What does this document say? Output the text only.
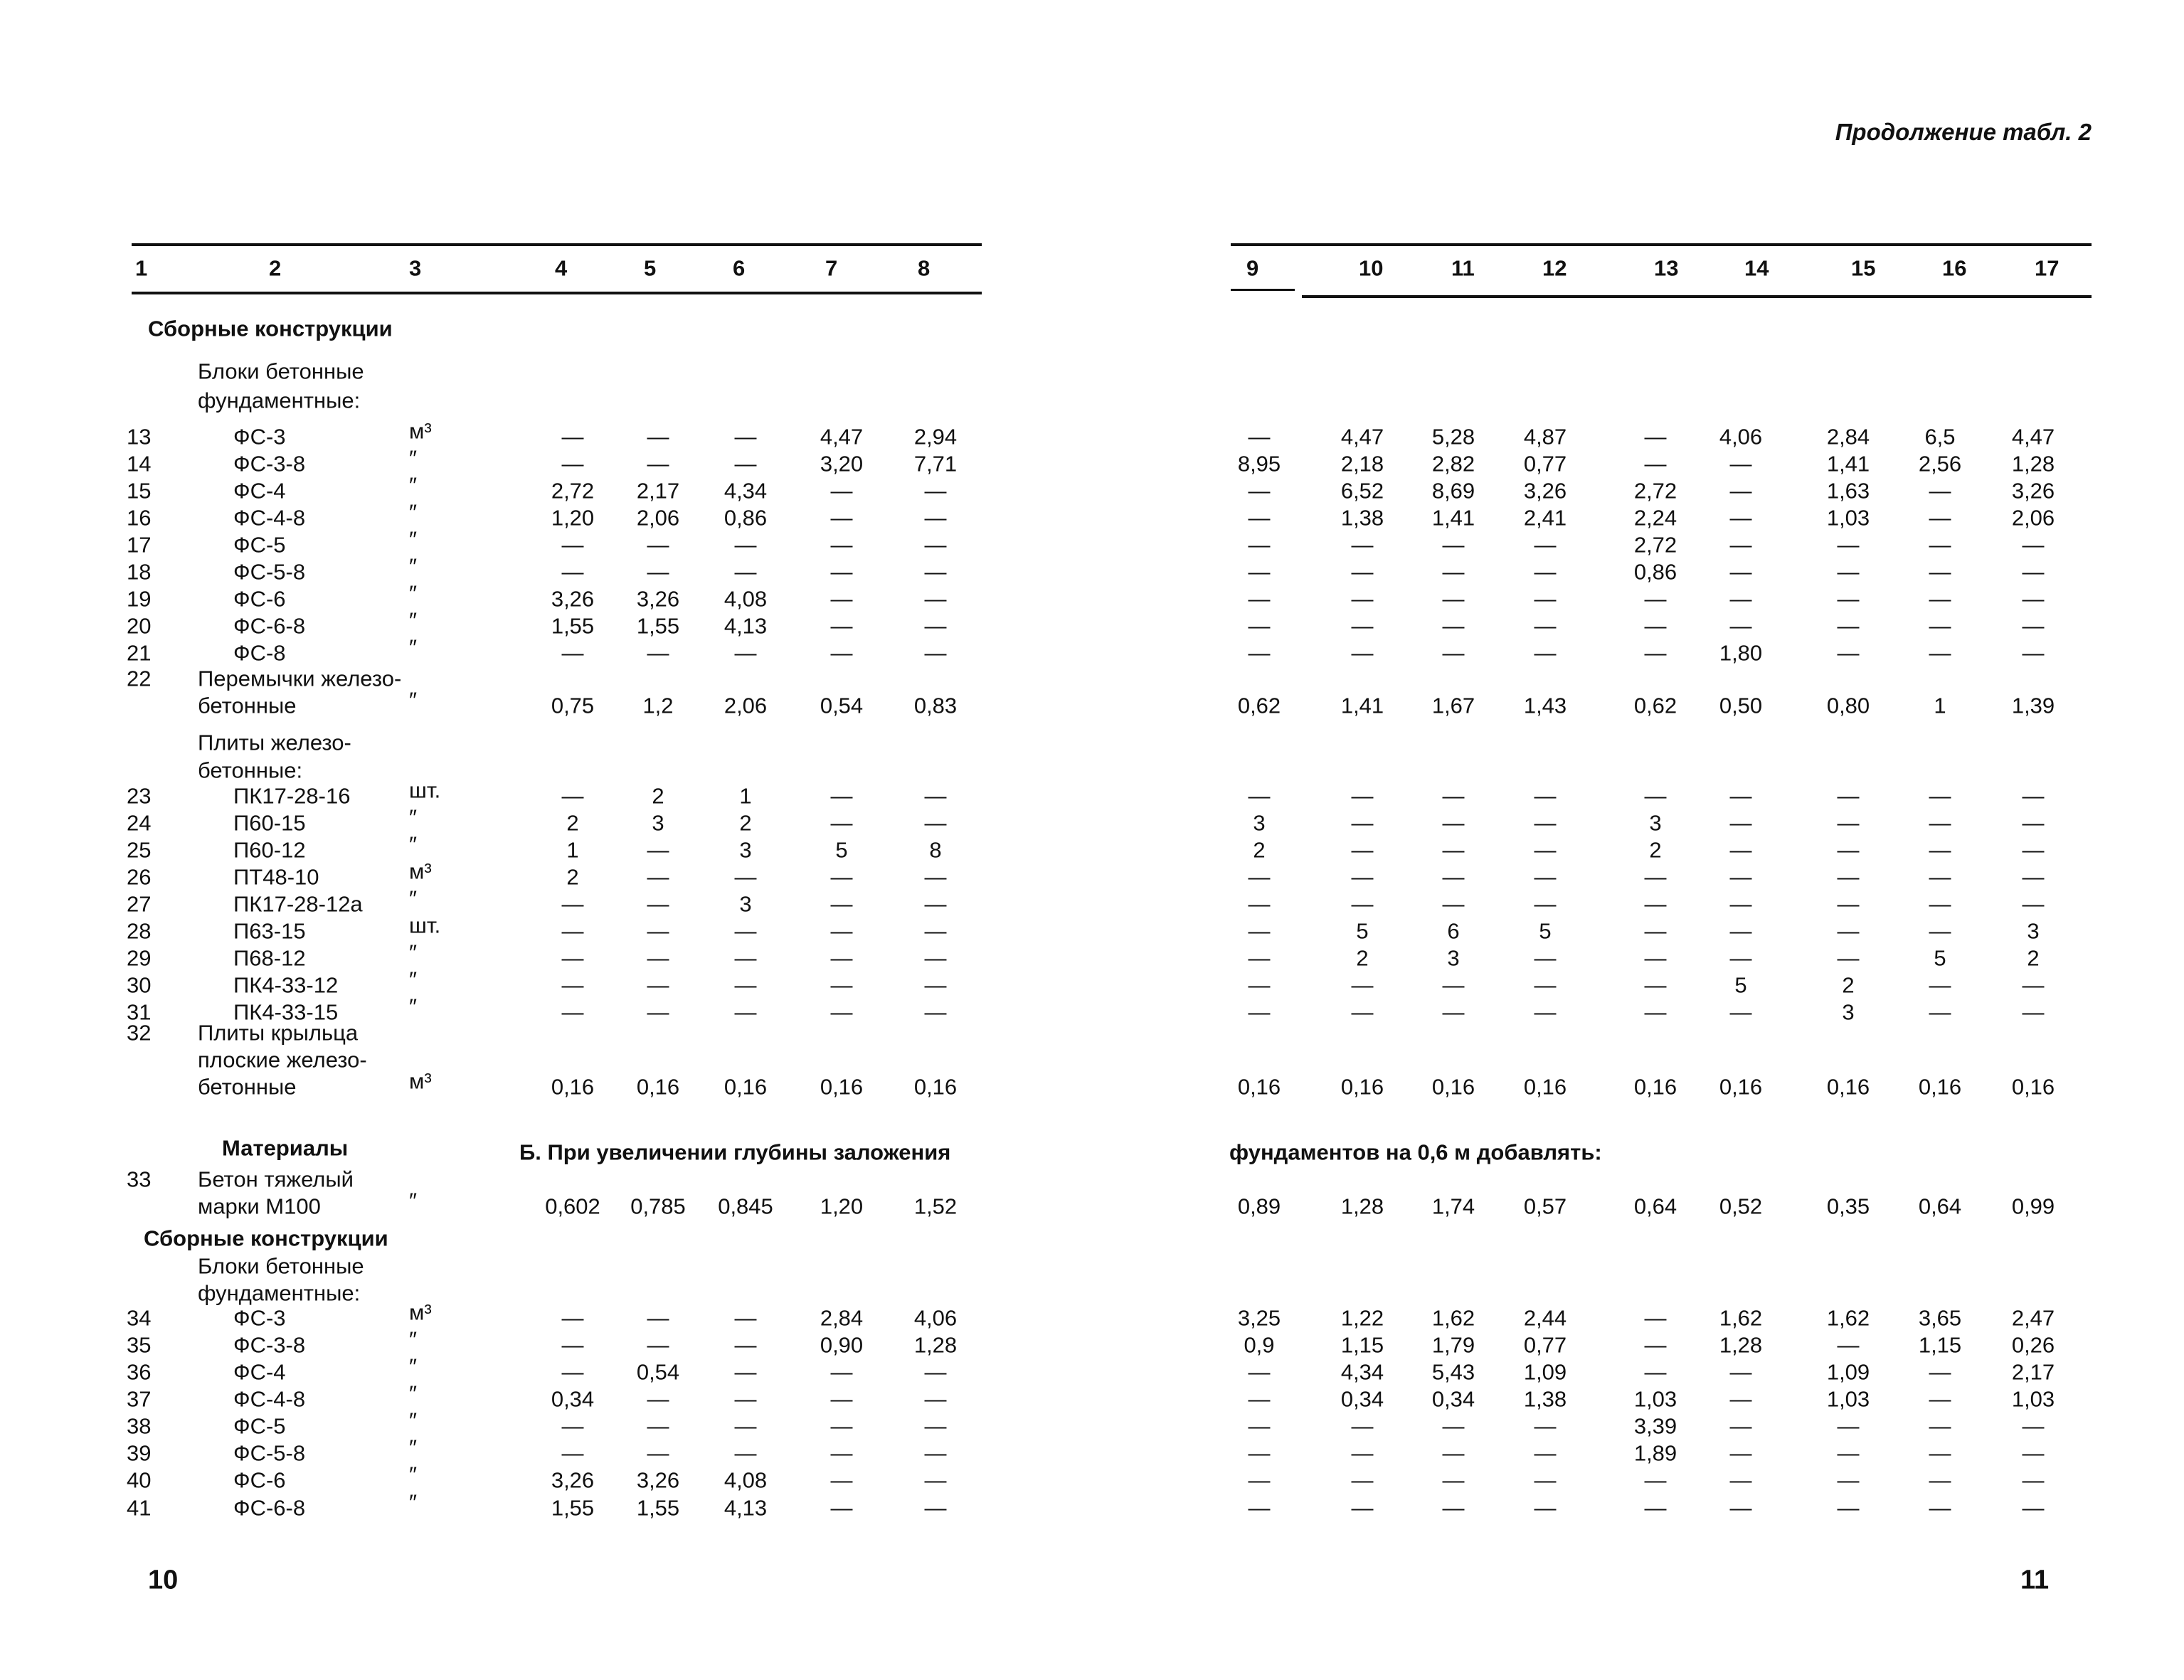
Продолжение табл. 2
1	2	3	4	5	6	7	8	9	10	11	12	13	14	15	16	17
Сборные конструкции
Блоки бетонные
фундаментные:
Плиты железо-
бетонные:
Материалы	Б. При увеличении глубины заложения	фундаментов на 0,6 м добавлять:
Сборные конструкции
Блоки бетонные
фундаментные:
13	ФС-3	м³	—	—	—	4,47	2,94	—	4,47	5,28	4,87	—	4,06	2,84	6,5	4,47
14	ФС-3-8	″	—	—	—	3,20	7,71	8,95	2,18	2,82	0,77	—	—	1,41	2,56	1,28
15	ФС-4	″	2,72	2,17	4,34	—	—	—	6,52	8,69	3,26	2,72	—	1,63	—	3,26
16	ФС-4-8	″	1,20	2,06	0,86	—	—	—	1,38	1,41	2,41	2,24	—	1,03	—	2,06
17	ФС-5	″	—	—	—	—	—	—	—	—	—	2,72	—	—	—	—
18	ФС-5-8	″	—	—	—	—	—	—	—	—	—	0,86	—	—	—	—
19	ФС-6	″	3,26	3,26	4,08	—	—	—	—	—	—	—	—	—	—	—
20	ФС-6-8	″	1,55	1,55	4,13	—	—	—	—	—	—	—	—	—	—	—
21	ФС-8	″	—	—	—	—	—	—	—	—	—	—	1,80	—	—	—
22 Перемычки железо-
бетонные	″	0,75	1,2	2,06	0,54	0,83	0,62	1,41	1,67	1,43	0,62	0,50	0,80	1	1,39
23	ПК17-28-16	шт.	—	2	1	—	—	—	—	—	—	—	—	—	—	—
24	П60-15	″	2	3	2	—	—	3	—	—	—	3	—	—	—	—
25	П60-12	″	1	—	3	5	8	2	—	—	—	2	—	—	—	—
26	ПТ48-10	м³	2	—	—	—	—	—	—	—	—	—	—	—	—	—
27	ПК17-28-12а ″	—	—	3	—	—	—	—	—	—	—	—	—	—	—
28	П63-15	шт.	—	—	—	—	—	—	5	6	5	—	—	—	—	3
29	П68-12	″	—	—	—	—	—	—	2	3	—	—	—	—	5	2
30	ПК4-33-12	″	—	—	—	—	—	—	—	—	—	—	5	2	—	—
31	ПК4-33-15	″	—	—	—	—	—	—	—	—	—	—	—	3	—	—
32 Плиты крыльца
плоские железо-
бетонные	м³	0,16	0,16	0,16	0,16	0,16	0,16	0,16	0,16	0,16	0,16	0,16	0,16	0,16	0,16
33 Бетон тяжелый
марки М100	″	0,602	0,785	0,845	1,20	1,52	0,89	1,28	1,74	0,57	0,64	0,52	0,35	0,64	0,99
34	ФС-3	м³	—	—	—	2,84	4,06	3,25	1,22	1,62	2,44	—	1,62	1,62	3,65	2,47
35	ФС-3-8	″	—	—	—	0,90	1,28	0,9	1,15	1,79	0,77	—	1,28	—	1,15	0,26
36	ФС-4	″	—	0,54	—	—	—	—	4,34	5,43	1,09	—	—	1,09	—	2,17
37	ФС-4-8	″	0,34	—	—	—	—	—	0,34	0,34	1,38	1,03	—	1,03	—	1,03
38	ФС-5	″	—	—	—	—	—	—	—	—	—	3,39	—	—	—	—
39	ФС-5-8	″	—	—	—	—	—	—	—	—	—	1,89	—	—	—	—
40	ФС-6	″	3,26	3,26	4,08	—	—	—	—	—	—	—	—	—	—	—
41	ФС-6-8	″	1,55	1,55	4,13	—	—	—	—	—	—	—	—	—	—	—
10	11
